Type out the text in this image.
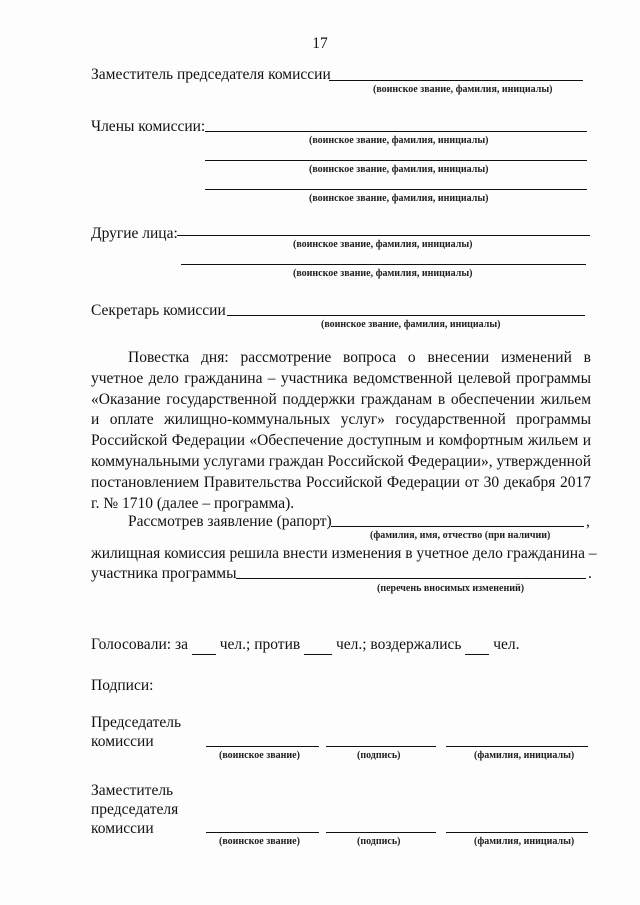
17
Заместитель председателя комиссии
(воинское звание, фамилия, инициалы)
Члены комиссии:
(воинское звание, фамилия, инициалы)
(воинское звание, фамилия, инициалы)
(воинское звание, фамилия, инициалы)
Другие лица:
(воинское звание, фамилия, инициалы)
(воинское звание, фамилия, инициалы)
Секретарь комиссии
(воинское звание, фамилия, инициалы)

Повестка дня: рассмотрение вопроса о внесении изменений в учетное дело гражданина – участника ведомственной целевой программы «Оказание государственной поддержки гражданам в обеспечении жильем и оплате жилищно-коммунальных услуг» государственной программы Российской Федерации «Обеспечение доступным и комфортным жильем и коммунальными услугами граждан Российской Федерации», утвержденной постановлением Правительства Российской Федерации от 30 декабря 2017 г. № 1710 (далее – программа).

Рассмотрев заявление (рапорт)	,
(фамилия, имя, отчество (при наличии)
жилищная комиссия решила внести изменения в учетное дело гражданина –
участника программы	.
(перечень вносимых изменений)
Голосовали: за чел.; против чел.; воздержались чел.
Подписи:
Председатель
комиссии
(воинское звание)	(подпись)	(фамилия, инициалы)
Заместитель
председателя
комиссии
(воинское звание)	(подпись)	(фамилия, инициалы)
